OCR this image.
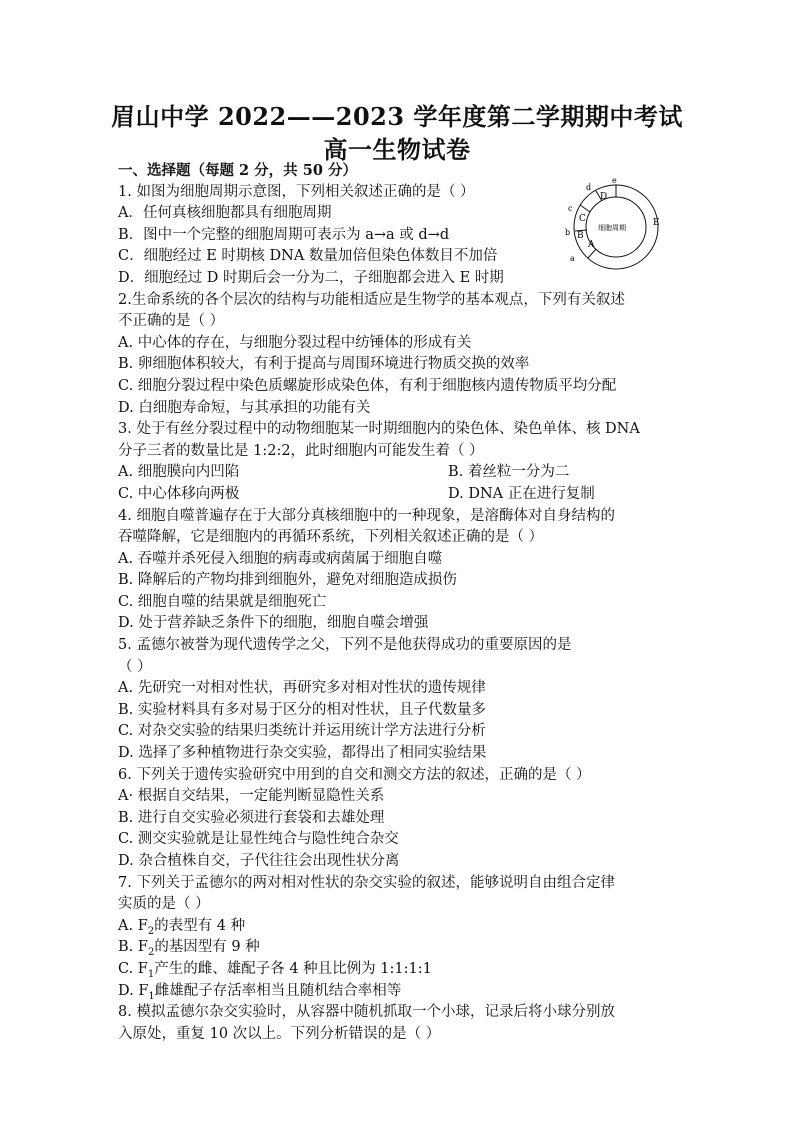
眉山中学 2022——2023 学年度第二学期期中考试
高一生物试卷
细胞周期
A
B
C
D
E
a
b
c
d
e
一、选择题（每题 2 分，共 50 分）
1. 如图为细胞周期示意图，下列相关叙述正确的是（ ）
A．任何真核细胞都具有细胞周期
B．图中一个完整的细胞周期可表示为 a→a 或 d→d
C．细胞经过 E 时期核 DNA 数量加倍但染色体数目不加倍
D．细胞经过 D 时期后会一分为二，子细胞都会进入 E 时期
2.生命系统的各个层次的结构与功能相适应是生物学的基本观点，下列有关叙述
不正确的是（ ）
A. 中心体的存在，与细胞分裂过程中纺锤体的形成有关
B. 卵细胞体积较大，有利于提高与周围环境进行物质交换的效率
C. 细胞分裂过程中染色质螺旋形成染色体，有利于细胞核内遗传物质平均分配
D. 白细胞寿命短，与其承担的功能有关
3. 处于有丝分裂过程中的动物细胞某一时期细胞内的染色体、染色单体、核 DNA
分子三者的数量比是 1:2:2，此时细胞内可能发生着（ ）
A. 细胞膜向内凹陷	B. 着丝粒一分为二
C. 中心体移向两极	D. DNA 正在进行复制
4. 细胞自噬普遍存在于大部分真核细胞中的一种现象，是溶酶体对自身结构的
吞噬降解，它是细胞内的再循环系统，下列相关叙述正确的是（ ）
A. 吞噬并杀死侵入细胞的病毒或病菌属于细胞自噬
B. 降解后的产物均排到细胞外，避免对细胞造成损伤
C. 细胞自噬的结果就是细胞死亡
D. 处于营养缺乏条件下的细胞，细胞自噬会增强
5. 孟德尔被誉为现代遗传学之父，下列不是他获得成功的重要原因的是
（ ）
A. 先研究一对相对性状，再研究多对相对性状的遗传规律
B. 实验材料具有多对易于区分的相对性状，且子代数量多
C. 对杂交实验的结果归类统计并运用统计学方法进行分析
D. 选择了多种植物进行杂交实验，都得出了相同实验结果
6. 下列关于遗传实验研究中用到的自交和测交方法的叙述，正确的是（ ）
A· 根据自交结果，一定能判断显隐性关系
B. 进行自交实验必须进行套袋和去雄处理
C. 测交实验就是让显性纯合与隐性纯合杂交
D. 杂合植株自交，子代往往会出现性状分离
7. 下列关于孟德尔的两对相对性状的杂交实验的叙述，能够说明自由组合定律
实质的是（ ）
A. $F_2$的表型有 4 种
B. $F_2$的基因型有 9 种
C. $F_1$产生的雌、雄配子各 4 种且比例为 1:1:1:1
D. $F_1$雌雄配子存活率相当且随机结合率相等
8. 模拟孟德尔杂交实验时，从容器中随机抓取一个小球，记录后将小球分别放
入原处，重复 10 次以上。下列分析错误的是（ ）
